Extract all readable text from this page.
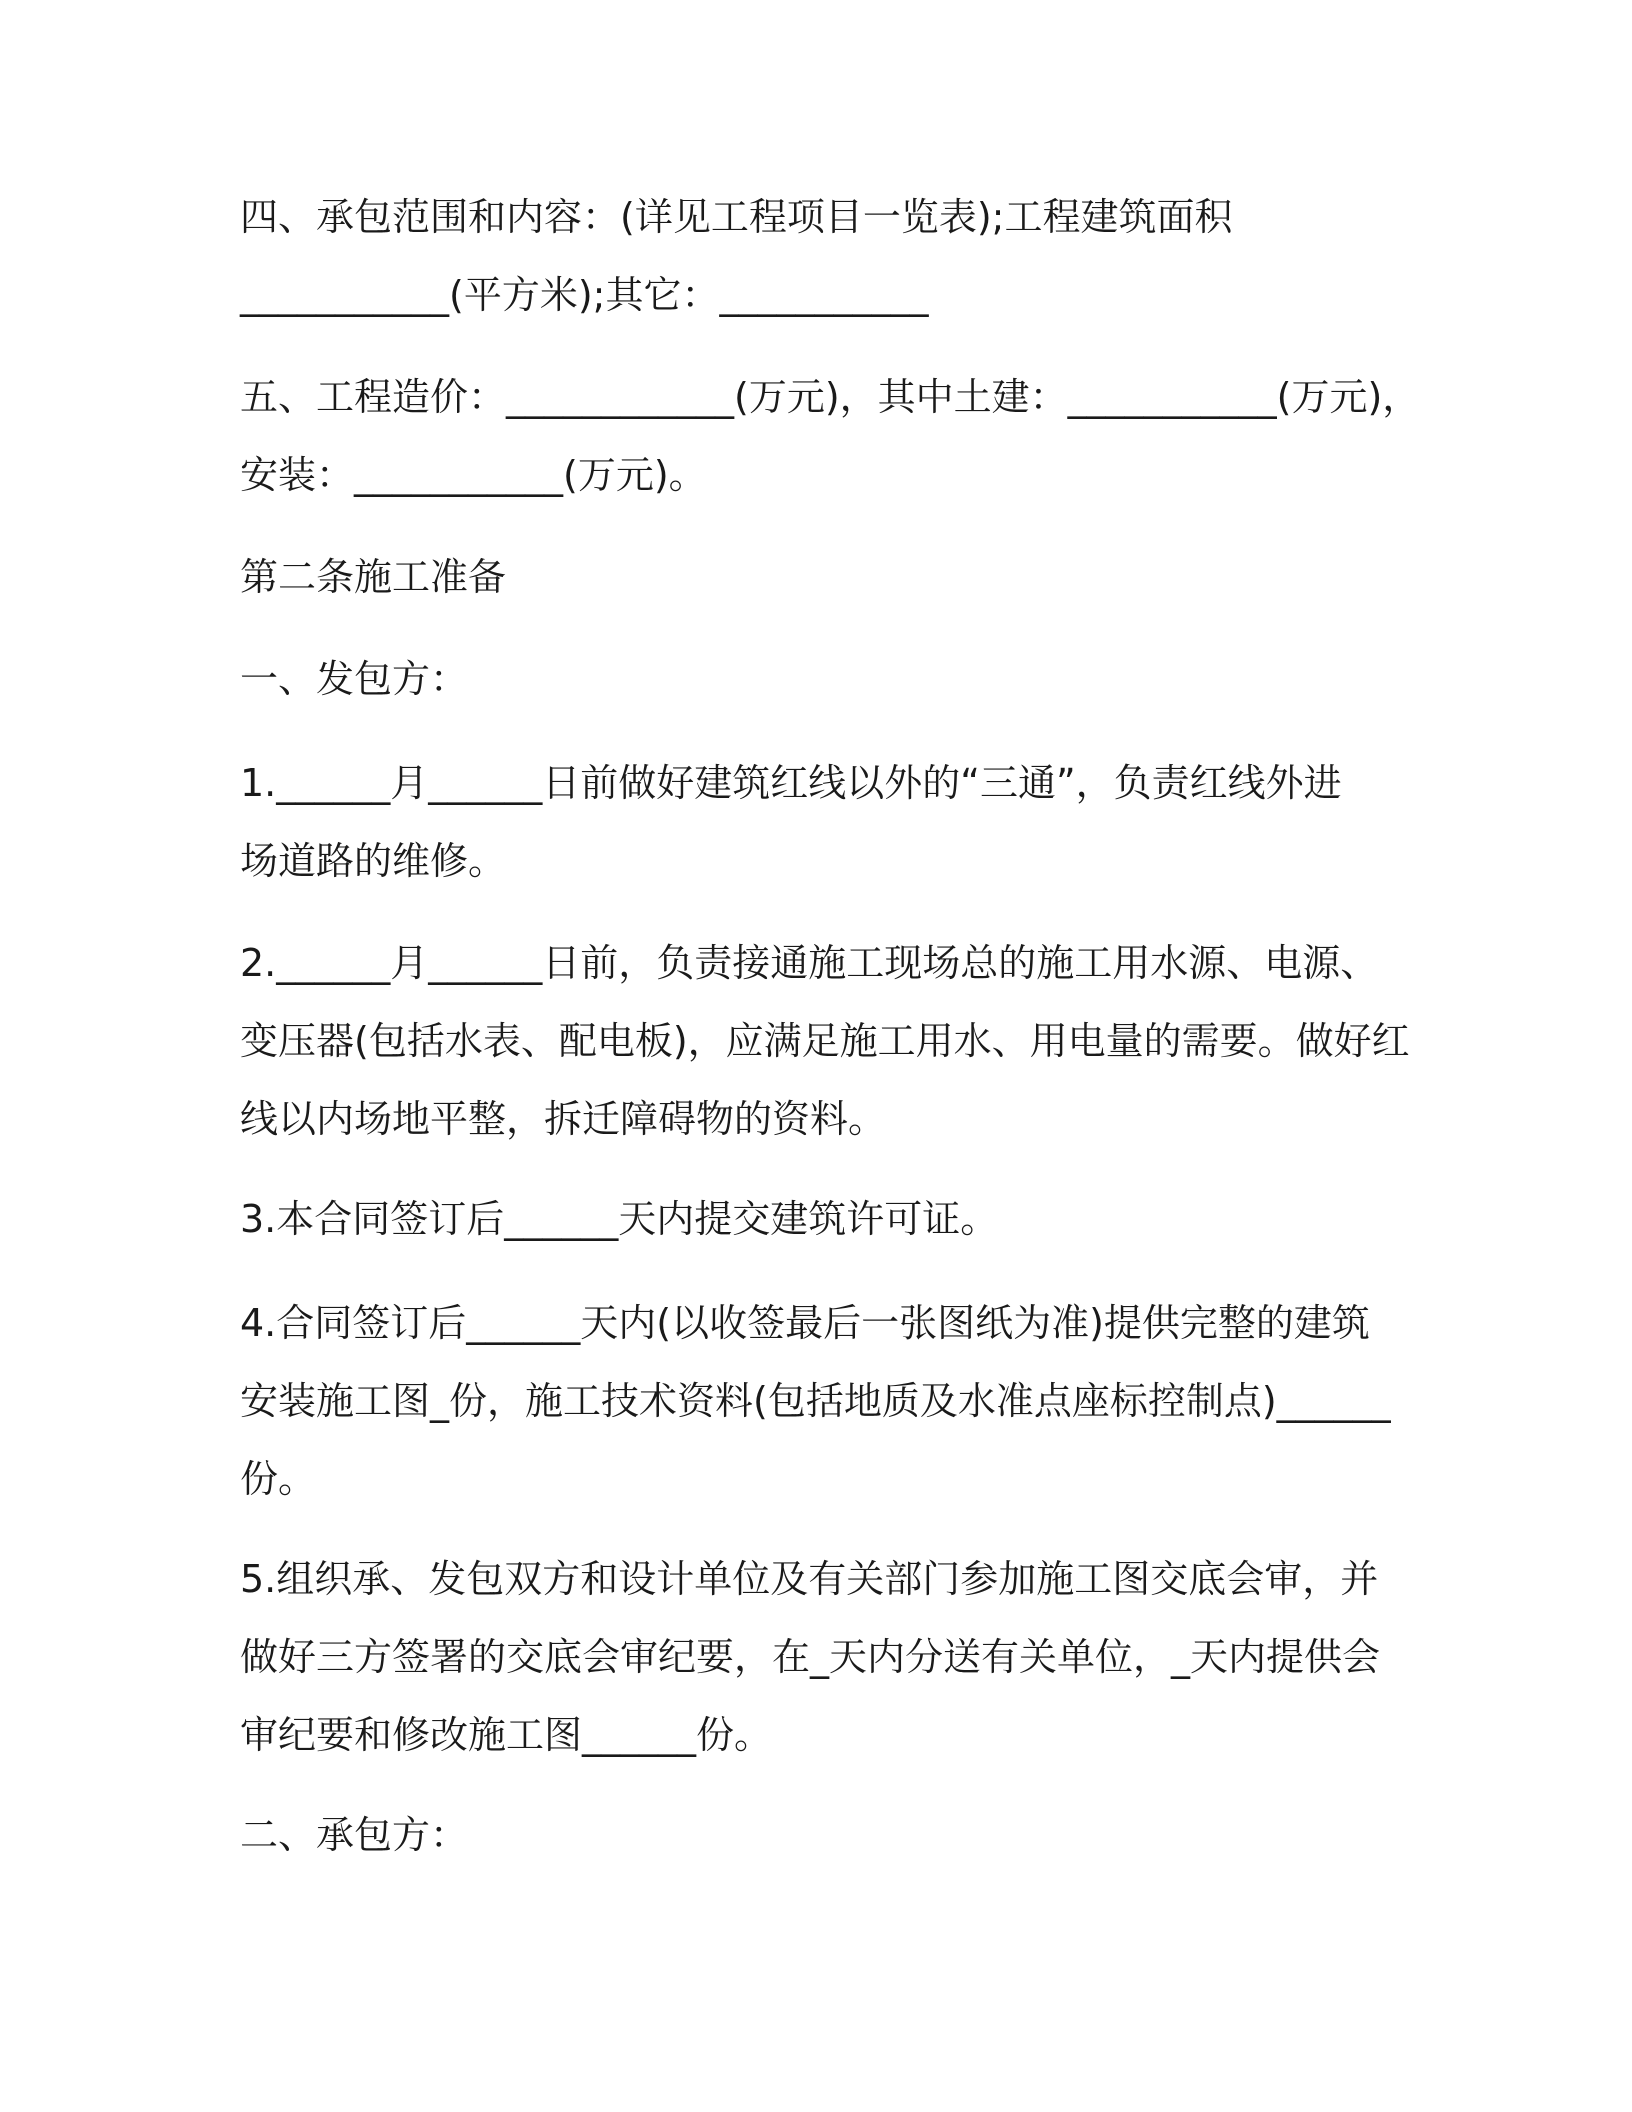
四、承包范围和内容：(详见工程项目一览表);工程建筑面积
___________(平方米);其它：___________
五、工程造价：____________(万元)，其中土建：___________(万元)，
安装：___________(万元)。
第二条施工准备
一、发包方：
1.______月______日前做好建筑红线以外的“三通”，负责红线外进
场道路的维修。
2.______月______日前，负责接通施工现场总的施工用水源、电源、
变压器(包括水表、配电板)，应满足施工用水、用电量的需要。做好红
线以内场地平整，拆迁障碍物的资料。
3.本合同签订后______天内提交建筑许可证。
4.合同签订后______天内(以收签最后一张图纸为准)提供完整的建筑
安装施工图_份，施工技术资料(包括地质及水准点座标控制点)______
份。
5.组织承、发包双方和设计单位及有关部门参加施工图交底会审，并
做好三方签署的交底会审纪要，在_天内分送有关单位，_天内提供会
审纪要和修改施工图______份。
二、承包方：
